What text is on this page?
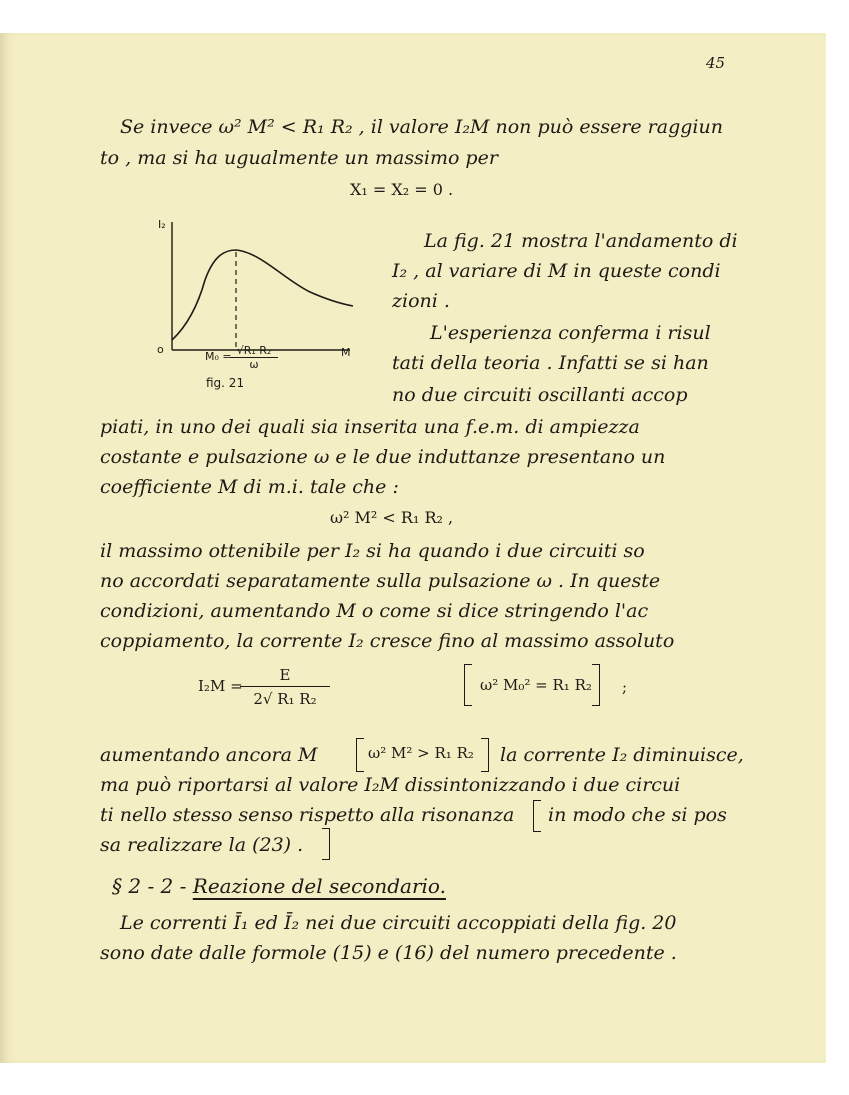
45
Se invece ω² M² < R₁ R₂ , il valore I₂M non può essere raggiun
to , ma si ha ugualmente un massimo per
X₁ = X₂ = 0 .
I₂
o	M
M₀ =
$\frac{\text{√R₁ R₂}}{\omega}$
fig. 21
La fig. 21 mostra l'andamento di
I₂ , al variare di M in queste condi
zioni .
L'esperienza conferma i risul
tati della teoria . Infatti se si han
no due circuiti oscillanti accop
piati, in uno dei quali sia inserita una f.e.m. di ampiezza
costante e pulsazione ω e le due induttanze presentano un
coefficiente M di m.i. tale che :
ω² M² < R₁ R₂ ,
il massimo ottenibile per I₂ si ha quando i due circuiti so
no accordati separatamente sulla pulsazione ω . In queste
condizioni, aumentando M o come si dice stringendo l'ac
coppiamento, la corrente I₂ cresce fino al massimo assoluto
I₂M =
$\frac{E}{\text{2√ R₁ R₂}}$	ω² M₀² = R₁ R₂ ;
aumentando ancora M	ω² M² > R₁ R₂ la corrente I₂ diminuisce,
ma può riportarsi al valore I₂M dissintonizzando i due circui
ti nello stesso senso rispetto alla risonanza in modo che si pos
sa realizzare la (23) .
§ 2 - 2 - Reazione del secondario.
Le correnti Ī₁ ed Ī₂ nei due circuiti accoppiati della fig. 20
sono date dalle formole (15) e (16) del numero precedente .
